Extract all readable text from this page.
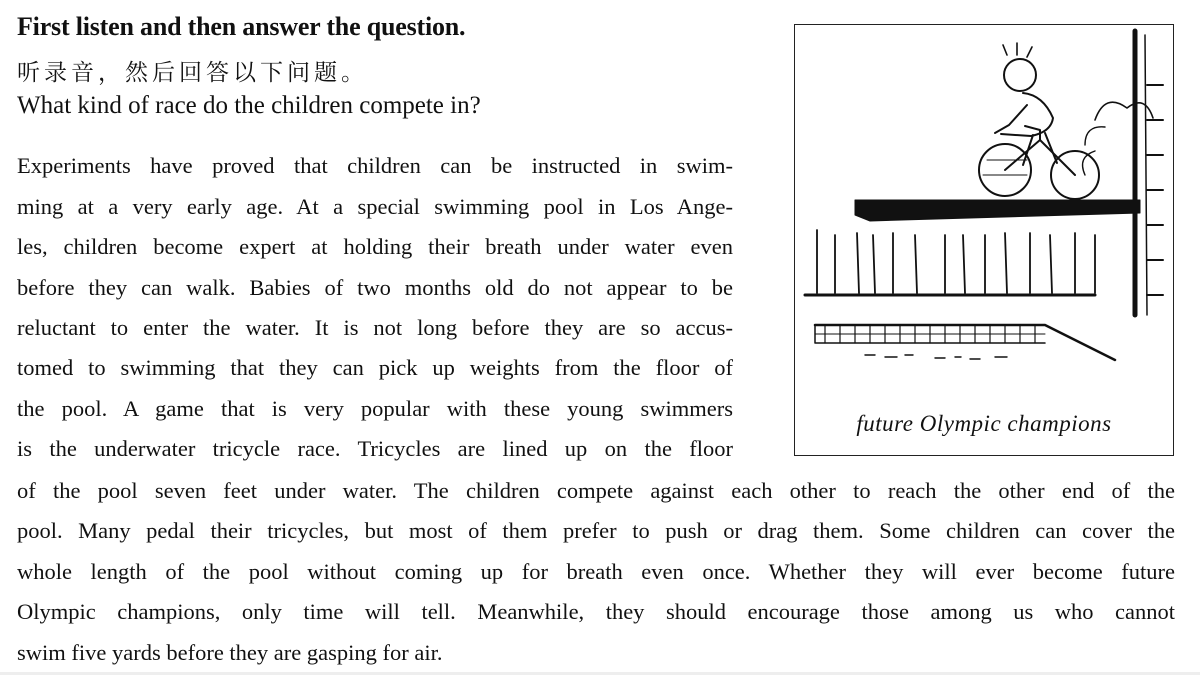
First listen and then answer the question.
听录音，然后回答以下问题。
What kind of race do the children compete in?
Experiments have proved that children can be instructed in swim-
ming at a very early age. At a special swimming pool in Los Ange-
les, children become expert at holding their breath under water even
before they can walk. Babies of two months old do not appear to be
reluctant to enter the water. It is not long before they are so accus-
tomed to swimming that they can pick up weights from the floor of
the pool. A game that is very popular with these young swimmers
is the underwater tricycle race. Tricycles are lined up on the floor
of the pool seven feet under water. The children compete against each other to reach the other end of the
pool. Many pedal their tricycles, but most of them prefer to push or drag them. Some children can cover the
whole length of the pool without coming up for breath even once. Whether they will ever become future
Olympic champions, only time will tell. Meanwhile, they should encourage those among us who cannot
swim five yards before they are gasping for air.
future Olympic champions
